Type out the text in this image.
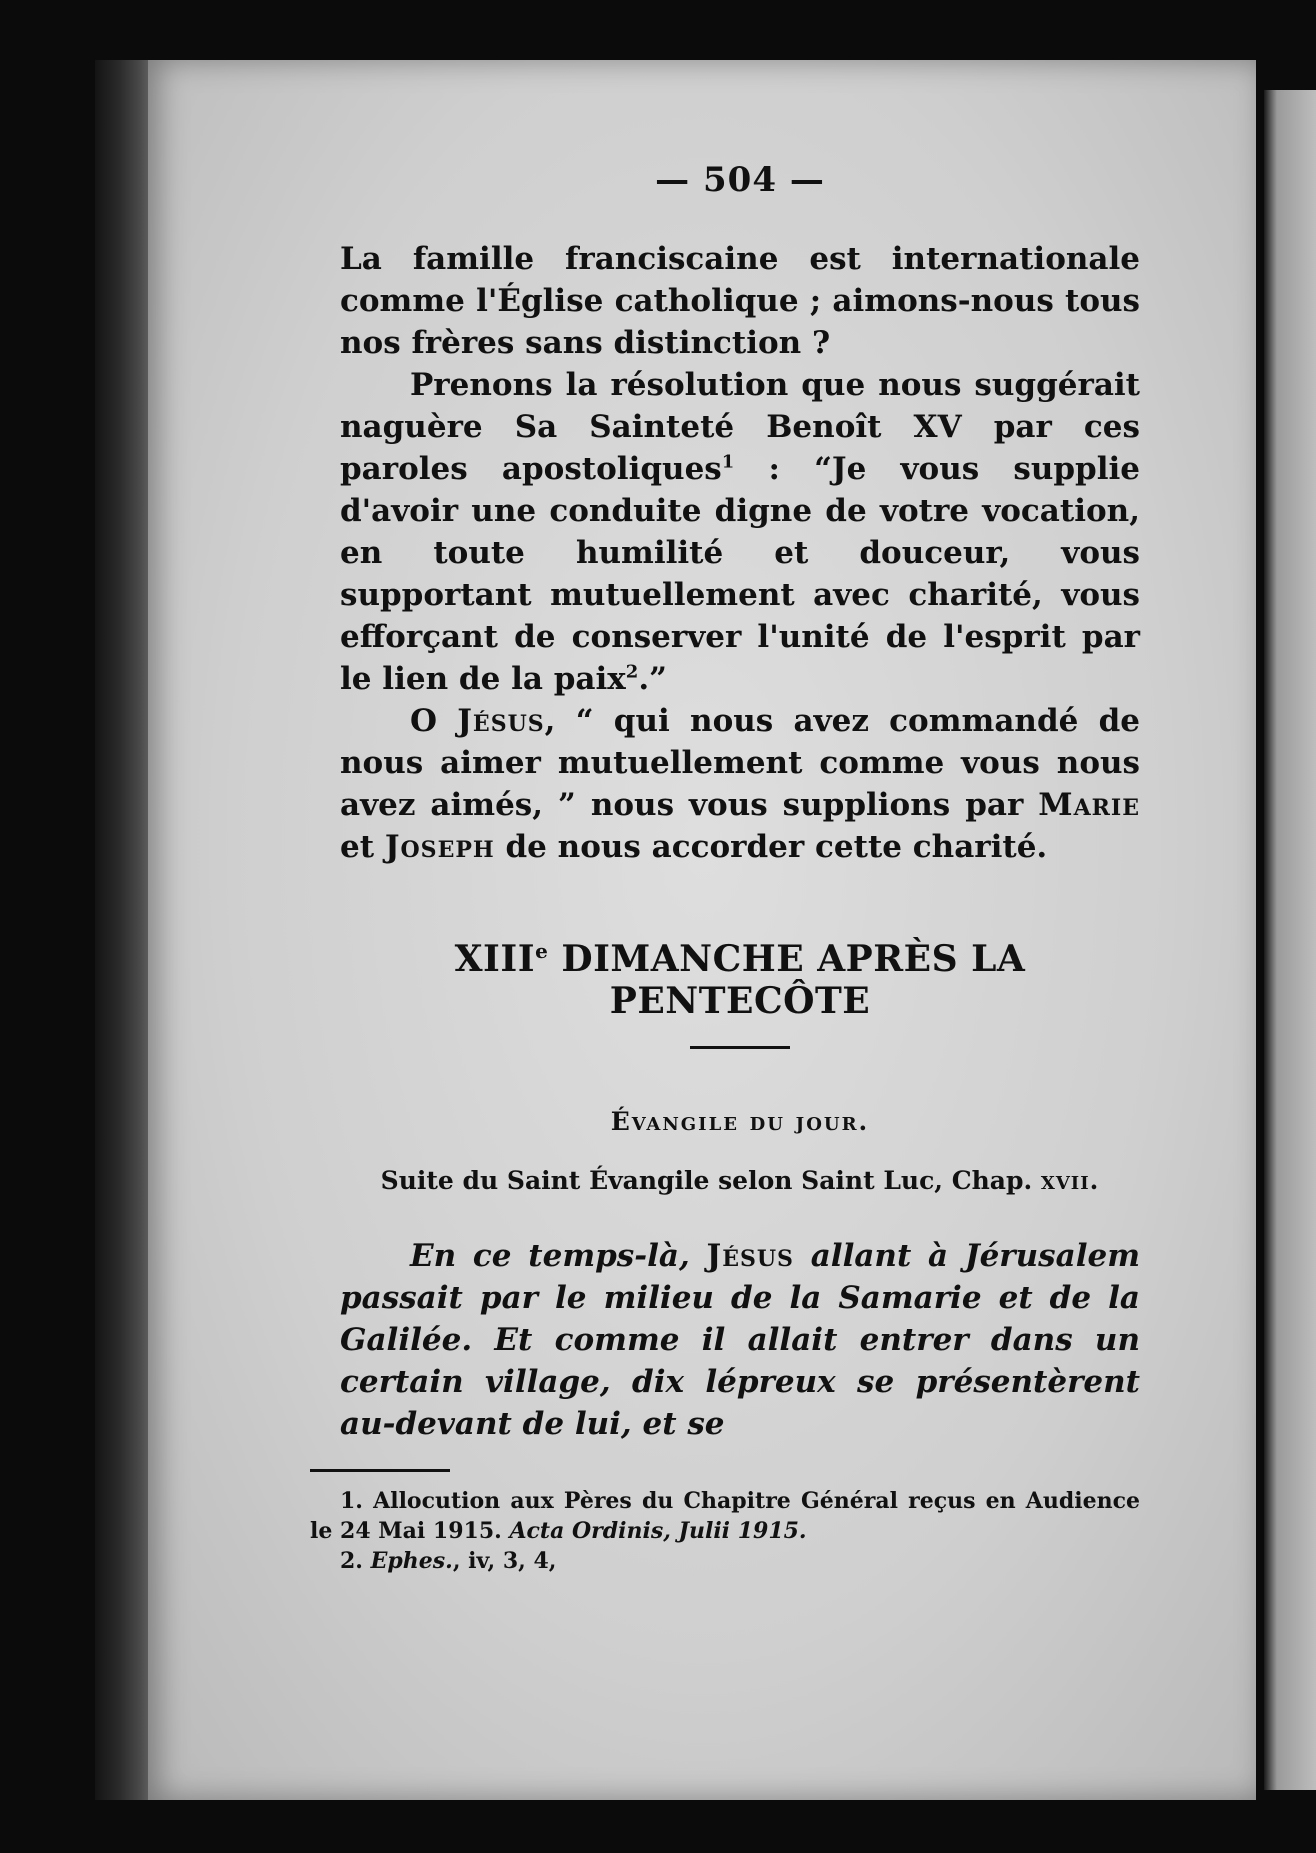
— 504 —

La famille franciscaine est internationale comme l'Église catholique ; aimons-nous tous nos frères sans distinction ?

Prenons la résolution que nous suggérait naguère Sa Sainteté Benoît XV par ces paroles apostoliques$^1$ : “Je vous supplie d'avoir une conduite digne de votre vocation, en toute humilité et douceur, vous supportant mutuellement avec charité, vous efforçant de conserver l'unité de l'esprit par le lien de la paix$^2$.”

O Jésus, “ qui nous avez commandé de nous aimer mutuellement comme vous nous avez aimés, ” nous vous supplions par Marie et Joseph de nous accorder cette charité.

XIIIe DIMANCHE APRÈS LA PENTECÔTE
Évangile du jour.
Suite du Saint Évangile selon Saint Luc, Chap. xvii.

En ce temps-là, Jésus allant à Jérusalem passait par le milieu de la Samarie et de la Galilée. Et comme il allait entrer dans un certain village, dix lépreux se présentèrent au-devant de lui, et se

1. Allocution aux Pères du Chapitre Général reçus en Audience le 24 Mai 1915. Acta Ordinis, Julii 1915.

2. Ephes., iv, 3, 4,
